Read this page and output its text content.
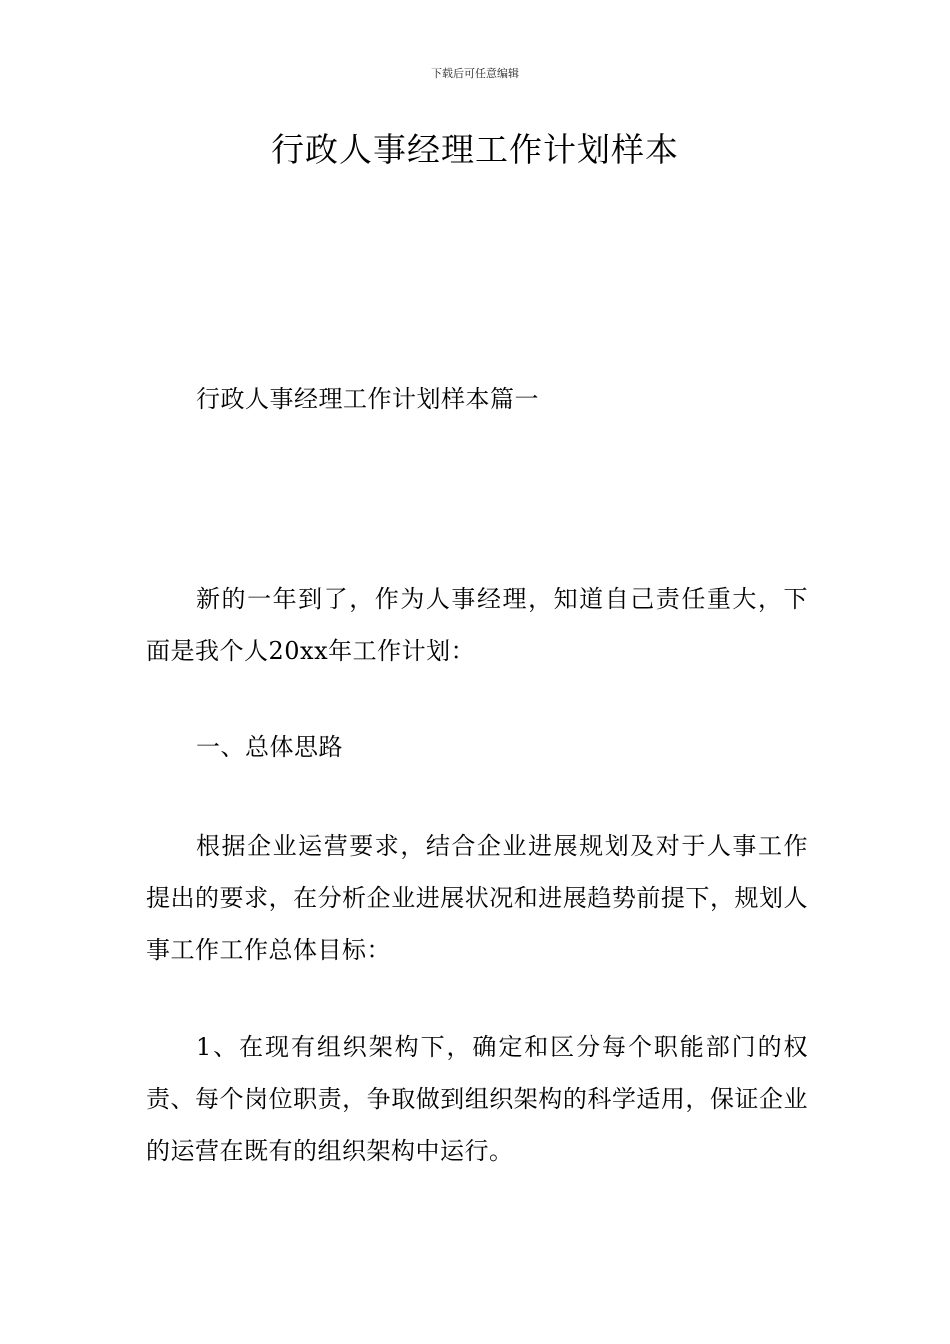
下载后可任意编辑
行政人事经理工作计划样本

行政人事经理工作计划样本篇一

新的一年到了，作为人事经理，知道自己责任重大，下面是我个人20xx年工作计划：

一、总体思路

根据企业运营要求，结合企业进展规划及对于人事工作提出的要求，在分析企业进展状况和进展趋势前提下，规划人事工作工作总体目标：

1、在现有组织架构下，确定和区分每个职能部门的权责、每个岗位职责，争取做到组织架构的科学适用，保证企业的运营在既有的组织架构中运行。
